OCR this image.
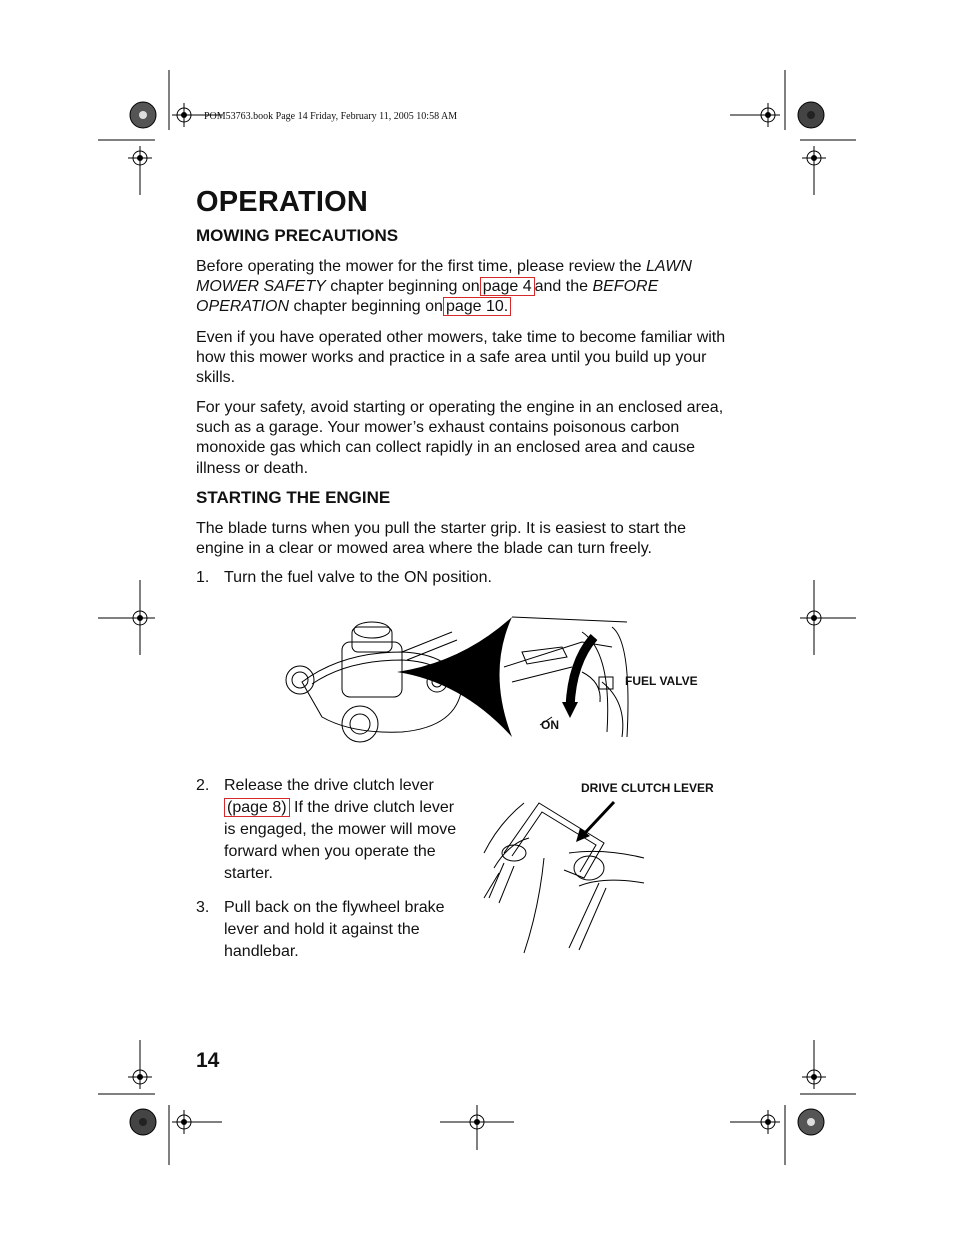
POM53763.book Page 14 Friday, February 11, 2005 10:58 AM
OPERATION
MOWING PRECAUTIONS
Before operating the mower for the first time, please review the LAWN MOWER SAFETY chapter beginning on page 4 and the BEFORE OPERATION chapter beginning on page 10.
Even if you have operated other mowers, take time to become familiar with how this mower works and practice in a safe area until you build up your skills.
For your safety, avoid starting or operating the engine in an enclosed area, such as a garage. Your mower’s exhaust contains poisonous carbon monoxide gas which can collect rapidly in an enclosed area and cause illness or death.
STARTING THE ENGINE
The blade turns when you pull the starter grip. It is easiest to start the engine in a clear or mowed area where the blade can turn freely.
1. Turn the fuel valve to the ON position.
FUEL VALVE
ON
2. Release the drive clutch lever (page 8) If the drive clutch lever is engaged, the mower will move forward when you operate the starter.
3. Pull back on the flywheel brake lever and hold it against the handlebar.
DRIVE CLUTCH LEVER
14
